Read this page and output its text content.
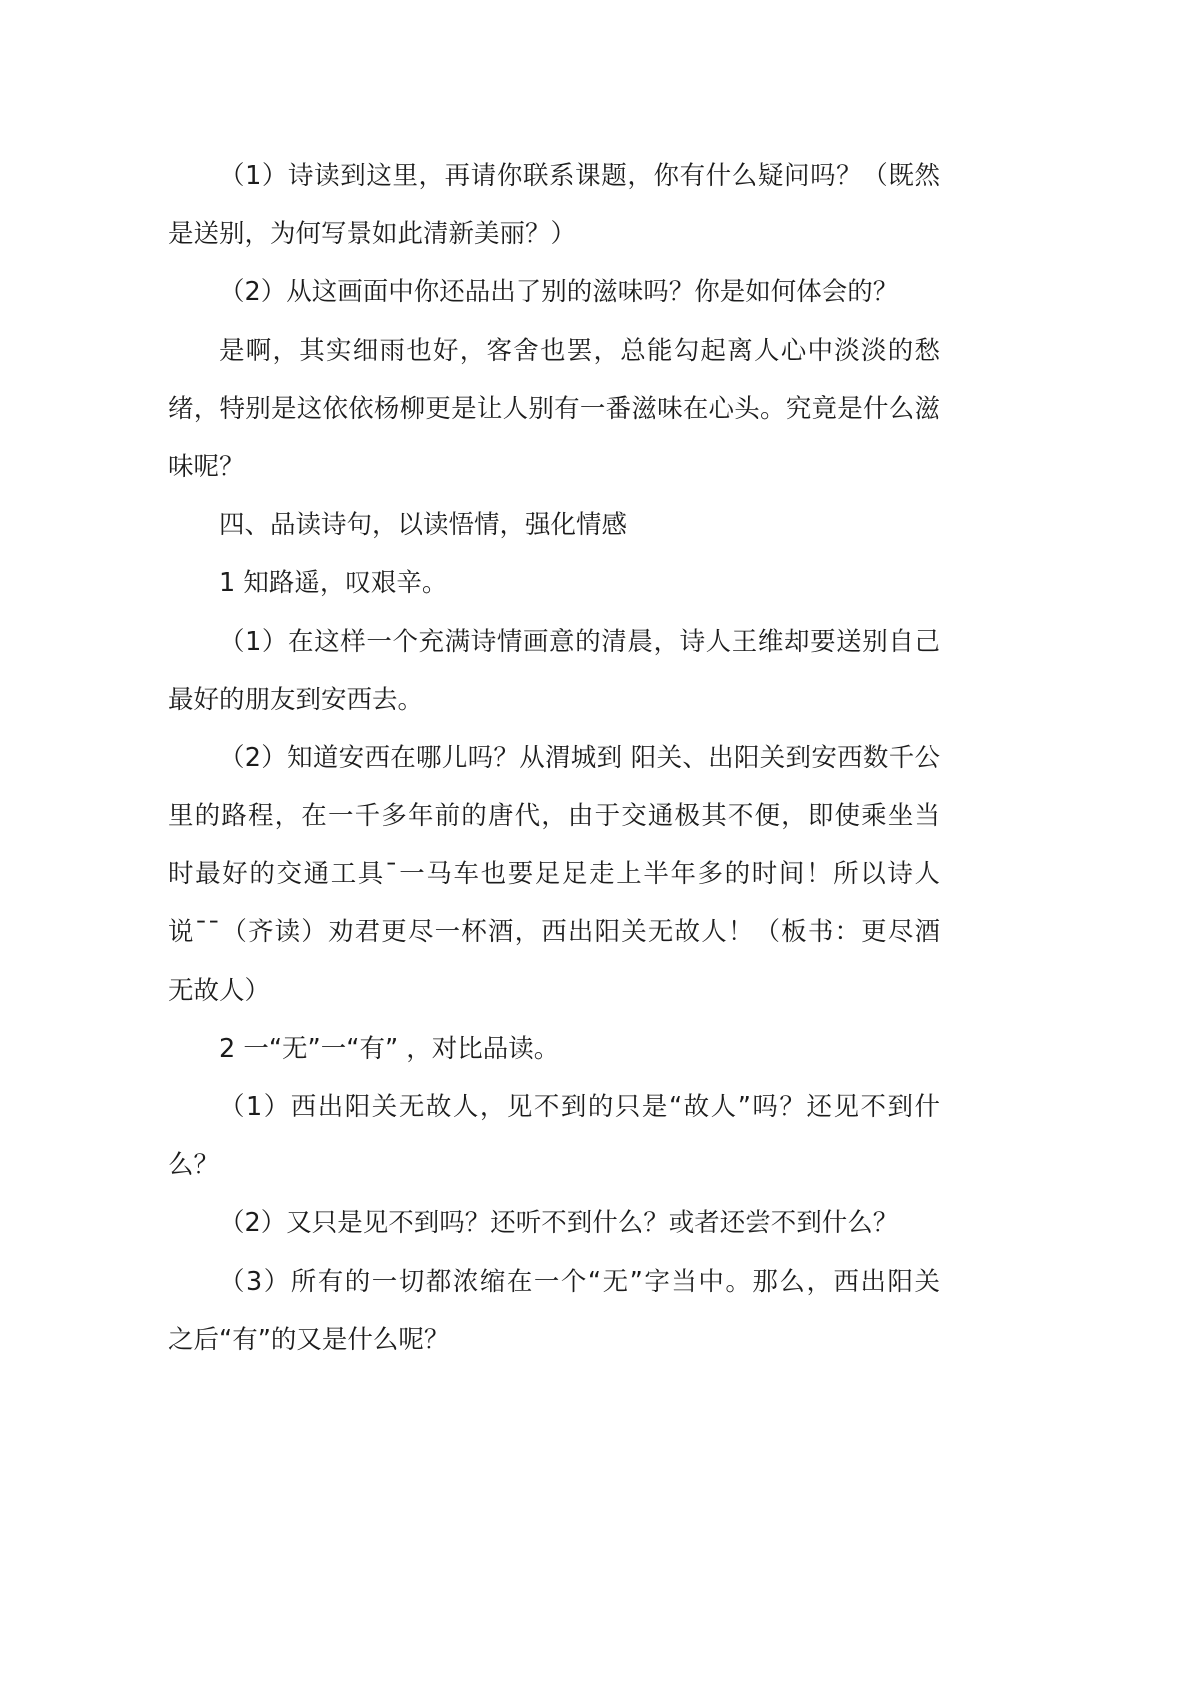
（1）诗读到这里，再请你联系课题，你有什么疑问吗？（既然
是送别，为何写景如此清新美丽？）
（2）从这画面中你还品出了别的滋味吗？你是如何体会的？
是啊，其实细雨也好，客舍也罢，总能勾起离人心中淡淡的愁
绪，特别是这依依杨柳更是让人别有一番滋味在心头。究竟是什么滋
味呢？
四、品读诗句，以读悟情，强化情感
1 知路遥，叹艰辛。
（1）在这样一个充满诗情画意的清晨，诗人王维却要送别自己
最好的朋友到安西去。
（2）知道安西在哪儿吗？从渭城到 阳关、出阳关到安西数千公
里的路程，在一千多年前的唐代，由于交通极其不便，即使乘坐当
时最好的交通工具¯一马车也要足足走上半年多的时间！所以诗人
说¯¯（齐读）劝君更尽一杯酒，西出阳关无故人！（板书：更尽酒
无故人）
2 一“无”一“有” ，对比品读。
（1）西出阳关无故人，见不到的只是“故人”吗？还见不到什
么？
（2）又只是见不到吗？还听不到什么？或者还尝不到什么？
（3）所有的一切都浓缩在一个“无”字当中。那么，西出阳关
之后“有”的又是什么呢？
